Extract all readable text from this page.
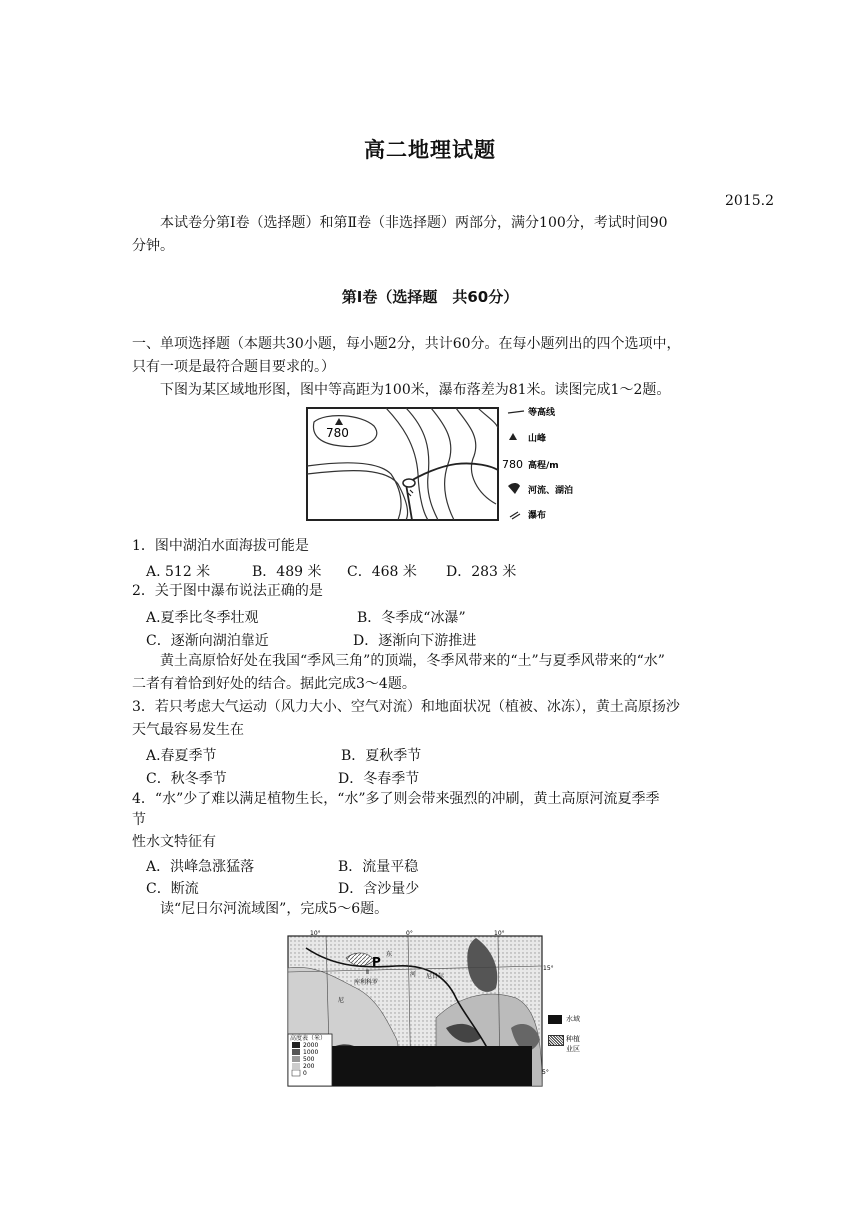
高二地理试题
2015.2
本试卷分第Ⅰ卷（选择题）和第Ⅱ卷（非选择题）两部分，满分100分，考试时间90
分钟。
第Ⅰ卷（选择题　共60分）
一、单项选择题（本题共30小题，每小题2分，共计60分。在每小题列出的四个选项中，
只有一项是最符合题目要求的。）
下图为某区域地形图，图中等高距为100米，瀑布落差为81米。读图完成1～2题。
780
等高线
山峰
780 高程/m
河流、湖泊
瀑布
1．图中湖泊水面海拔可能是
A. 512 米	B．489 米 C．468 米 D．283 米
2．关于图中瀑布说法正确的是
A.夏季比冬季壮观	B．冬季成“冰瀑”
C．逐渐向湖泊靠近	D．逐渐向下游推进
黄土高原恰好处在我国“季风三角”的顶端，冬季风带来的“土”与夏季风带来的“水”
二者有着恰到好处的结合。据此完成3～4题。
3．若只考虑大气运动（风力大小、空气对流）和地面状况（植被、冰冻），黄土高原扬沙
天气最容易发生在
A.春夏季节	B．夏秋季节
C．秋冬季节	D．冬春季节
4．“水”少了难以满足植物生长，“水”多了则会带来强烈的冲刷，黄土高原河流夏季季
节
性水文特征有
A．洪峰急涨猛落	B．流量平稳
C．断流	D．含沙量少
读“尼日尔河流域图”，完成5～6题。
高度表（米）
2000
1000
500
200
0
10°	0°	10°
15°
5°
P
东
河 尼日尔
Ⅱ
库利科罗
尼
水域
种植业区
